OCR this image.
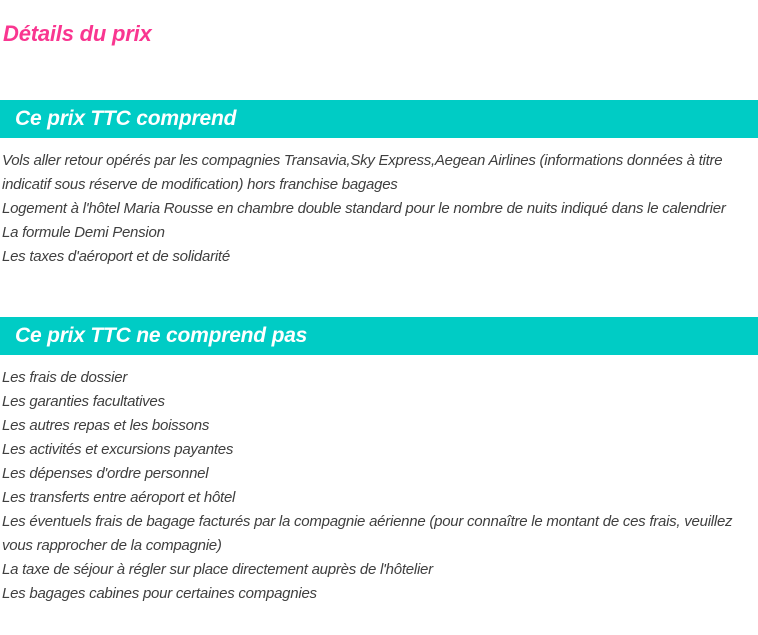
Détails du prix
Ce prix TTC comprend
Vols aller retour opérés par les compagnies Transavia,Sky Express,Aegean Airlines (informations données à titre indicatif sous réserve de modification) hors franchise bagages
Logement à l'hôtel Maria Rousse en chambre double standard pour le nombre de nuits indiqué dans le calendrier
La formule Demi Pension
Les taxes d'aéroport et de solidarité
Ce prix TTC ne comprend pas
Les frais de dossier
Les garanties facultatives
Les autres repas et les boissons
Les activités et excursions payantes
Les dépenses d'ordre personnel
Les transferts entre aéroport et hôtel
Les éventuels frais de bagage facturés par la compagnie aérienne (pour connaître le montant de ces frais, veuillez vous rapprocher de la compagnie)
La taxe de séjour à régler sur place directement auprès de l'hôtelier
Les bagages cabines pour certaines compagnies
